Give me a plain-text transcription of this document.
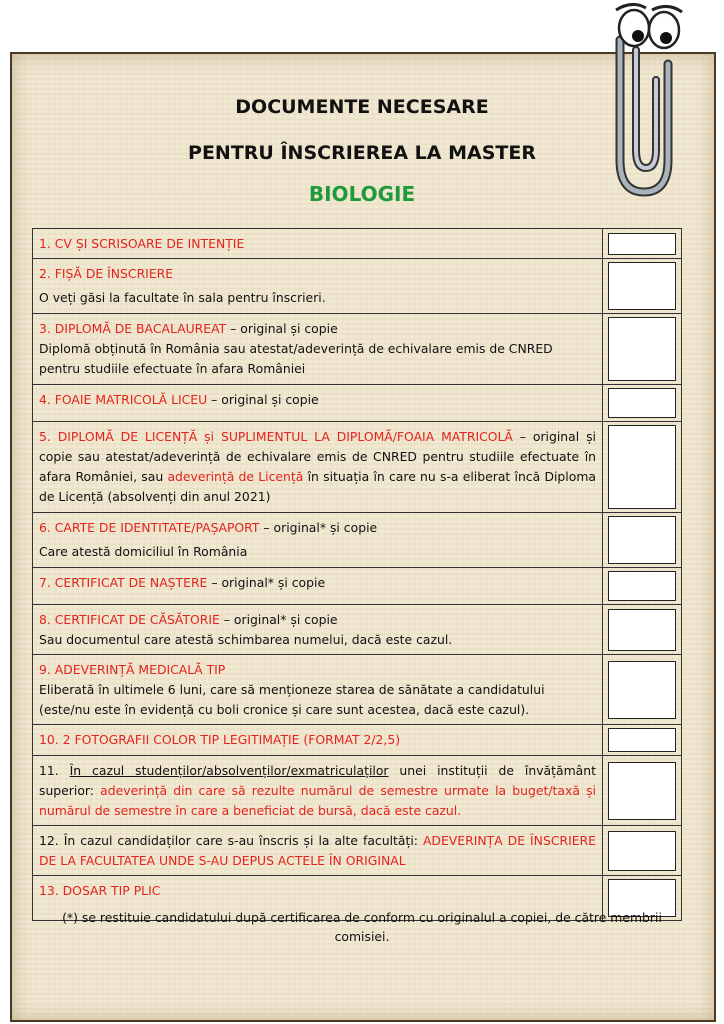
DOCUMENTE NECESARE
PENTRU ÎNSCRIEREA LA MASTER
BIOLOGIE
1. CV ȘI SCRISOARE DE INTENȚIE
2. FIȘĂ DE ÎNSCRIERE
O veți găsi la facultate în sala pentru înscrieri.
3. DIPLOMĂ DE BACALAUREAT – original și copie
Diplomă obținută în România sau atestat/adeverință de echivalare emis de CNRED pentru studiile efectuate în afara României
4. FOAIE MATRICOLĂ LICEU – original și copie
5. DIPLOMĂ DE LICENȚĂ și SUPLIMENTUL LA DIPLOMĂ/FOAIA MATRICOLĂ – original și copie sau atestat/adeverință de echivalare emis de CNRED pentru studiile efectuate în afara României, sau adeverință de Licență în situația în care nu s-a eliberat încă Diploma de Licență (absolvenți din anul 2021)
6. CARTE DE IDENTITATE/PAȘAPORT – original* și copie
Care atestă domiciliul în România
7. CERTIFICAT DE NAȘTERE – original* și copie
8. CERTIFICAT DE CĂSĂTORIE – original* și copie
Sau documentul care atestă schimbarea numelui, dacă este cazul.
9. ADEVERINȚĂ MEDICALĂ TIP
Eliberată în ultimele 6 luni, care să menționeze starea de sănătate a candidatului (este/nu este în evidență cu boli cronice și care sunt acestea, dacă este cazul).
10. 2 FOTOGRAFII COLOR TIP LEGITIMAȚIE (FORMAT 2/2,5)
11. În cazul studenților/absolvenților/exmatriculaților unei instituții de învățământ superior: adeverință din care să rezulte numărul de semestre urmate la buget/taxă și numărul de semestre în care a beneficiat de bursă, dacă este cazul.
12. În cazul candidaților care s-au înscris și la alte facultăți: ADEVERINȚA DE ÎNSCRIERE DE LA FACULTATEA UNDE S-AU DEPUS ACTELE ÎN ORIGINAL
13. DOSAR TIP PLIC
(*) se restituie candidatului după certificarea de conform cu originalul a copiei, de către membrii comisiei.
